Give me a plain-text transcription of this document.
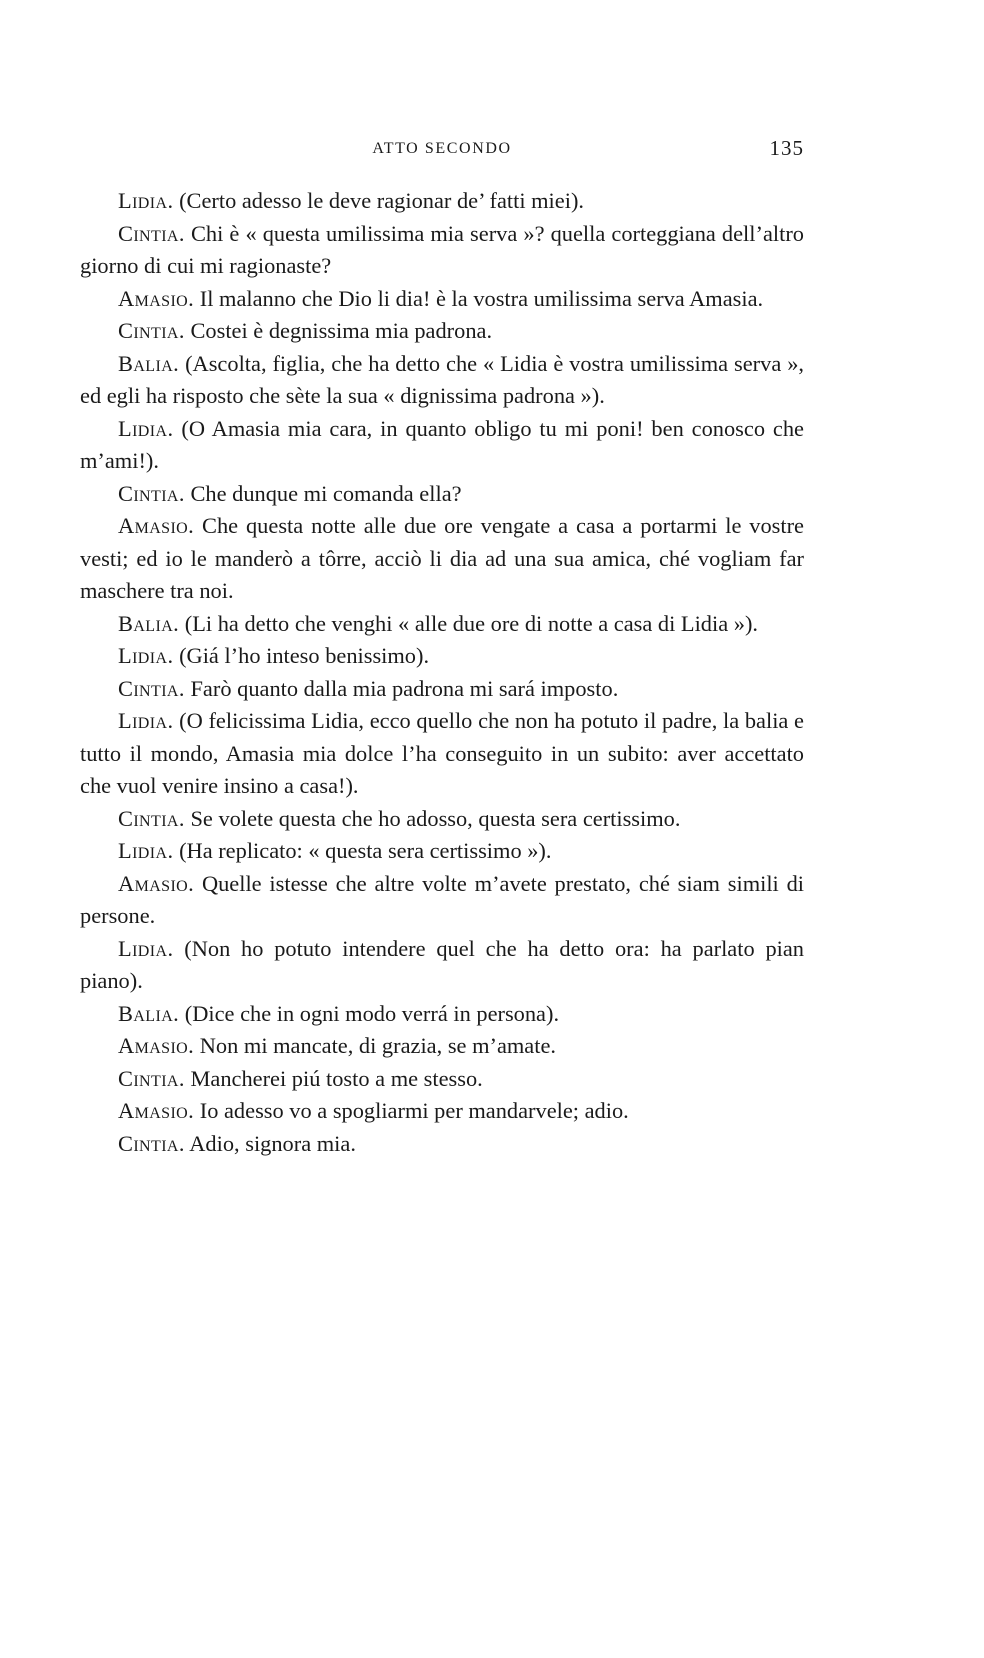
ATTO SECONDO	135

Lidia. (Certo adesso le deve ragionar de’ fatti miei).

Cintia. Chi è « questa umilissima mia serva »? quella corteggiana dell’altro giorno di cui mi ragionaste?

Amasio. Il malanno che Dio li dia! è la vostra umilissima serva Amasia.

Cintia. Costei è degnissima mia padrona.

Balia. (Ascolta, figlia, che ha detto che « Lidia è vostra umilissima serva », ed egli ha risposto che sète la sua « dignissima padrona »).

Lidia. (O Amasia mia cara, in quanto obligo tu mi poni! ben conosco che m’ami!).

Cintia. Che dunque mi comanda ella?

Amasio. Che questa notte alle due ore vengate a casa a portarmi le vostre vesti; ed io le manderò a tôrre, acciò li dia ad una sua amica, ché vogliam far maschere tra noi.

Balia. (Li ha detto che venghi « alle due ore di notte a casa di Lidia »).

Lidia. (Giá l’ho inteso benissimo).

Cintia. Farò quanto dalla mia padrona mi sará imposto.

Lidia. (O felicissima Lidia, ecco quello che non ha potuto il padre, la balia e tutto il mondo, Amasia mia dolce l’ha conseguito in un subito: aver accettato che vuol venire insino a casa!).

Cintia. Se volete questa che ho adosso, questa sera certissimo.

Lidia. (Ha replicato: « questa sera certissimo »).

Amasio. Quelle istesse che altre volte m’avete prestato, ché siam simili di persone.

Lidia. (Non ho potuto intendere quel che ha detto ora: ha parlato pian piano).

Balia. (Dice che in ogni modo verrá in persona).

Amasio. Non mi mancate, di grazia, se m’amate.

Cintia. Mancherei piú tosto a me stesso.

Amasio. Io adesso vo a spogliarmi per mandarvele; adio.

Cintia. Adio, signora mia.
